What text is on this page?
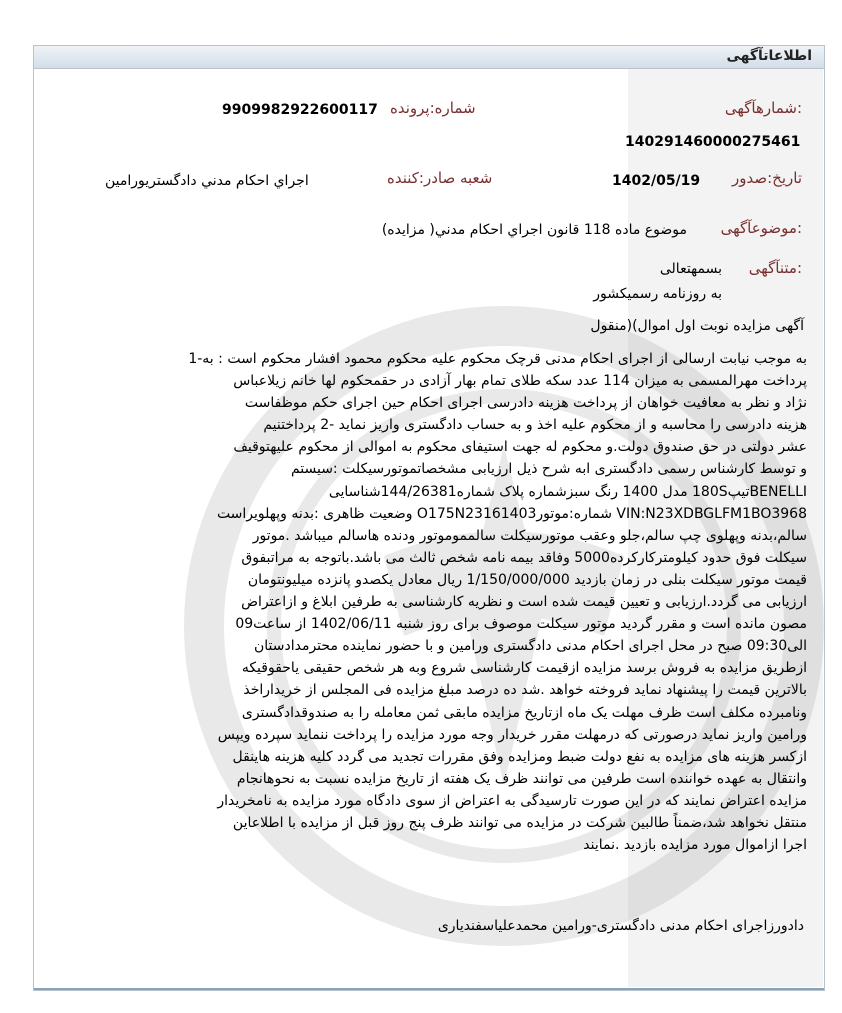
اطلاعاتآگهی
شمارهآگهی:
140291460000275461
شماره:پرونده
9909982922600117
تاريخ:صدور
1402/05/19
شعبه صادر:كننده
اجراي احكام مدني دادگستريورامين
موضوعآگهی:
موضوع ماده 118 قانون اجراي احكام مدني( مزايده)
متنآگهی:
بسمهتعالی
به روزنامه رسمیکشور
آگهی مزایده نوبت اول اموال)(منقول

به موجب نیابت ارسالی از اجرای احکام مدنی قرچک محکوم علیه محکوم محمود افشار محکوم است : به-1

پرداخت مهرالمسمی به میزان 114 عدد سکه طلای تمام بهار آزادی در حقمحکوم لها خانم زیلاعباس

نژاد و نظر به معافیت خواهان از پرداخت هزینه دادرسی اجرای احکام حین اجرای حکم موظفاست

هزینه دادرسی را محاسبه و از محکوم علیه اخذ و به حساب دادگستری واریز نماید -2 پرداختنیم

عشر دولتی در حق صندوق دولت.و محکوم له جهت استیفای محکوم به اموالی از محکوم علیهتوقیف

و توسط کارشناس رسمی دادگستری ابه شرح ذیل ارزیابی مشخصاتموتورسیکلت :سیستم

BENELLIتیپ180S مدل 1400 رنگ سبزشماره پلاک شماره144/26381شناسایی

VIN:N23XDBGLFM1BO3968 شماره:موتورO175N23161403 وضعیت ظاهری :بدنه وپهلویراست

سالم،بدنه وپهلوی چپ سالم،جلو وعقب موتورسیکلت سالمموموتور ودنده هاسالم میباشد .موتور

سیکلت فوق حدود کیلومترکارکرده5000 وفاقد بیمه نامه شخص ثالث می باشد.باتوجه به مراتبفوق

قیمت موتور سیکلت بنلی در زمان بازدید 1/150/000/000 ریال معادل یکصدو پانزده میلیونتومان

ارزیابی می گردد.ارزیابی و تعیین قیمت شده است و نظریه کارشناسی به طرفین ابلاغ و ازاعتراض

مصون مانده است و مقرر گردید موتور سیکلت موصوف برای روز شنبه 1402/06/11 از ساعت09

الی09:30 صبح در محل اجرای احکام مدنی دادگستری ورامین و با حضور نماینده محترمدادستان

ازطریق مزایده به فروش برسد مزایده ازقیمت کارشناسی شروع وبه هر شخص حقیقی یاحقوقیکه

بالاترین قیمت را پیشنهاد نماید فروخته خواهد .شد ده درصد مبلغ مزایده فی المجلس از خریداراخذ

ونامبرده مکلف است ظرف مهلت یک ماه ازتاریخ مزایده مابقی ثمن معامله را به صندوقدادگستری

ورامین واریز نماید درصورتی که درمهلت مقرر خریدار وجه مورد مزایده را پرداخت ننماید سپرده ویپس

ازکسر هزینه های مزایده به نفع دولت ضبط ومزایده وفق مقررات تجدید می گردد کلیه هزینه هاینقل

وانتقال به عهده خواننده است طرفین می توانند ظرف یک هفته از تاریخ مزایده نسبت به نحوهانجام

مزایده اعتراض نمایند که در این صورت تارسیدگی به اعتراض از سوی دادگاه مورد مزایده به نامخریدار

منتقل نخواهد شد،ضمناً طالبین شرکت در مزایده می توانند ظرف پنج روز قبل از مزایده با اطلاعاین

اجرا ازاموال مورد مزایده بازدید .نمایند

دادورزاجرای احکام مدنی دادگستری-ورامین محمدعلیاسفندیاری
